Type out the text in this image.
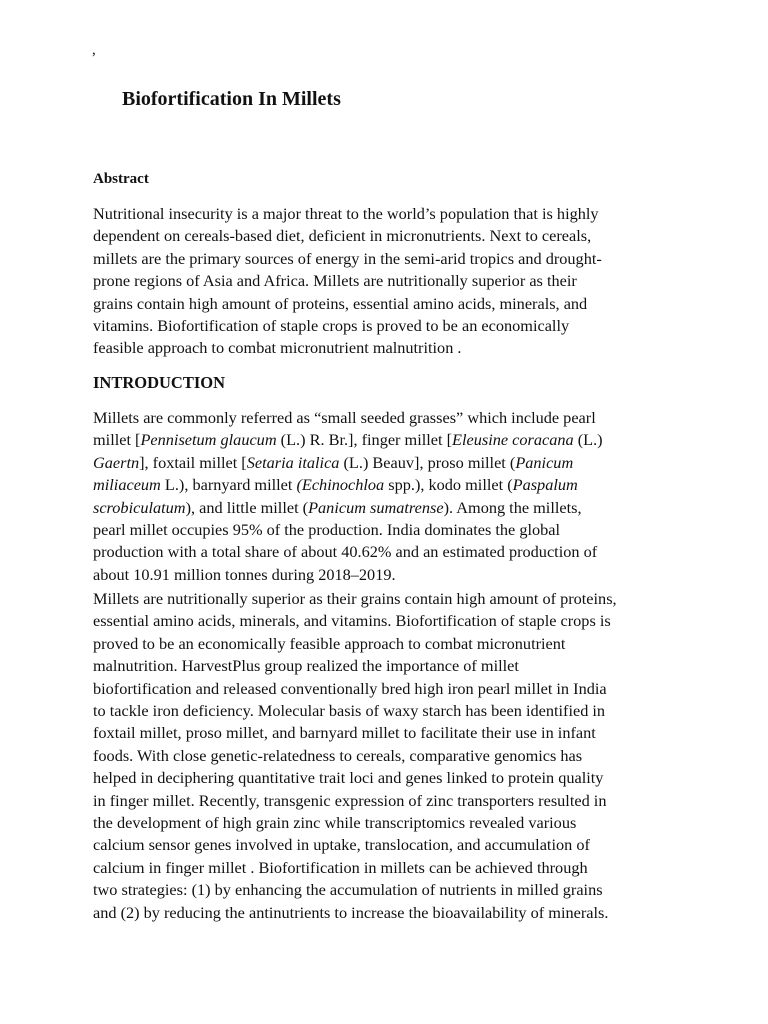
,
Biofortification In Millets
Abstract

Nutritional insecurity is a major threat to the world’s population that is highly
dependent on cereals-based diet, deficient in micronutrients. Next to cereals,
millets are the primary sources of energy in the semi-arid tropics and drought-
prone regions of Asia and Africa. Millets are nutritionally superior as their
grains contain high amount of proteins, essential amino acids, minerals, and
vitamins. Biofortification of staple crops is proved to be an economically
feasible approach to combat micronutrient malnutrition .

INTRODUCTION

Millets are commonly referred as “small seeded grasses” which include pearl
millet [Pennisetum glaucum (L.) R. Br.], finger millet [Eleusine coracana (L.)
Gaertn], foxtail millet [Setaria italica (L.) Beauv], proso millet (Panicum
miliaceum L.), barnyard millet (Echinochloa spp.), kodo millet (Paspalum
scrobiculatum), and little millet (Panicum sumatrense). Among the millets,
pearl millet occupies 95% of the production. India dominates the global
production with a total share of about 40.62% and an estimated production of
about 10.91 million tonnes during 2018–2019.

Millets are nutritionally superior as their grains contain high amount of proteins,
essential amino acids, minerals, and vitamins. Biofortification of staple crops is
proved to be an economically feasible approach to combat micronutrient
malnutrition. HarvestPlus group realized the importance of millet
biofortification and released conventionally bred high iron pearl millet in India
to tackle iron deficiency. Molecular basis of waxy starch has been identified in
foxtail millet, proso millet, and barnyard millet to facilitate their use in infant
foods. With close genetic-relatedness to cereals, comparative genomics has
helped in deciphering quantitative trait loci and genes linked to protein quality
in finger millet. Recently, transgenic expression of zinc transporters resulted in
the development of high grain zinc while transcriptomics revealed various
calcium sensor genes involved in uptake, translocation, and accumulation of
calcium in finger millet . Biofortification in millets can be achieved through
two strategies: (1) by enhancing the accumulation of nutrients in milled grains
and (2) by reducing the antinutrients to increase the bioavailability of minerals.
